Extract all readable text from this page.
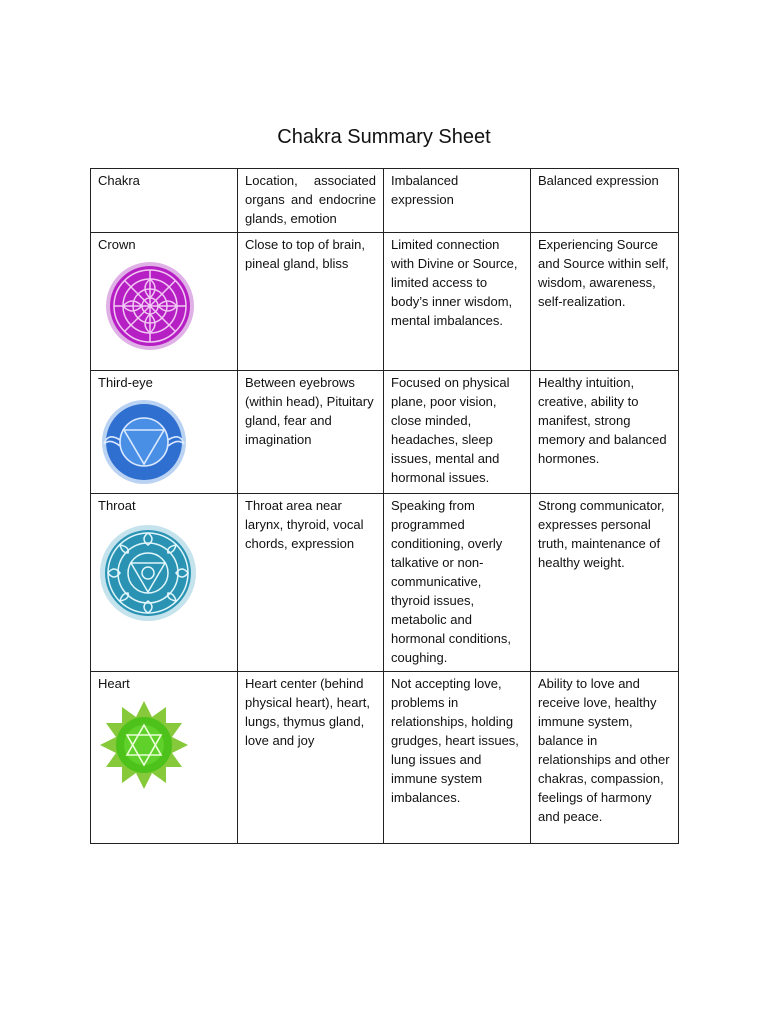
Chakra Summary Sheet
Chakra	Location, associated organs and endocrine glands, emotion	Imbalanced expression	Balanced expression

Crown	Close to top of brain, pineal gland, bliss	Limited connection with Divine or Source, limited access to body’s inner wisdom, mental imbalances.	Experiencing Source and Source within self, wisdom, awareness, self-realization.

Third-eye	Between eyebrows (within head), Pituitary gland, fear and imagination	Focused on physical plane, poor vision, close minded, headaches, sleep issues, mental and hormonal issues.	Healthy intuition, creative, ability to manifest, strong memory and balanced hormones.

Throat	Throat area near larynx, thyroid, vocal chords, expression	Speaking from programmed conditioning, overly talkative or non-communicative, thyroid issues, metabolic and hormonal conditions, coughing.	Strong communicator, expresses personal truth, maintenance of healthy weight.

Heart	Heart center (behind physical heart), heart, lungs, thymus gland, love and joy	Not accepting love, problems in relationships, holding grudges, heart issues, lung issues and immune system imbalances.	Ability to love and receive love, healthy immune system, balance in relationships and other chakras, compassion, feelings of harmony and peace.
